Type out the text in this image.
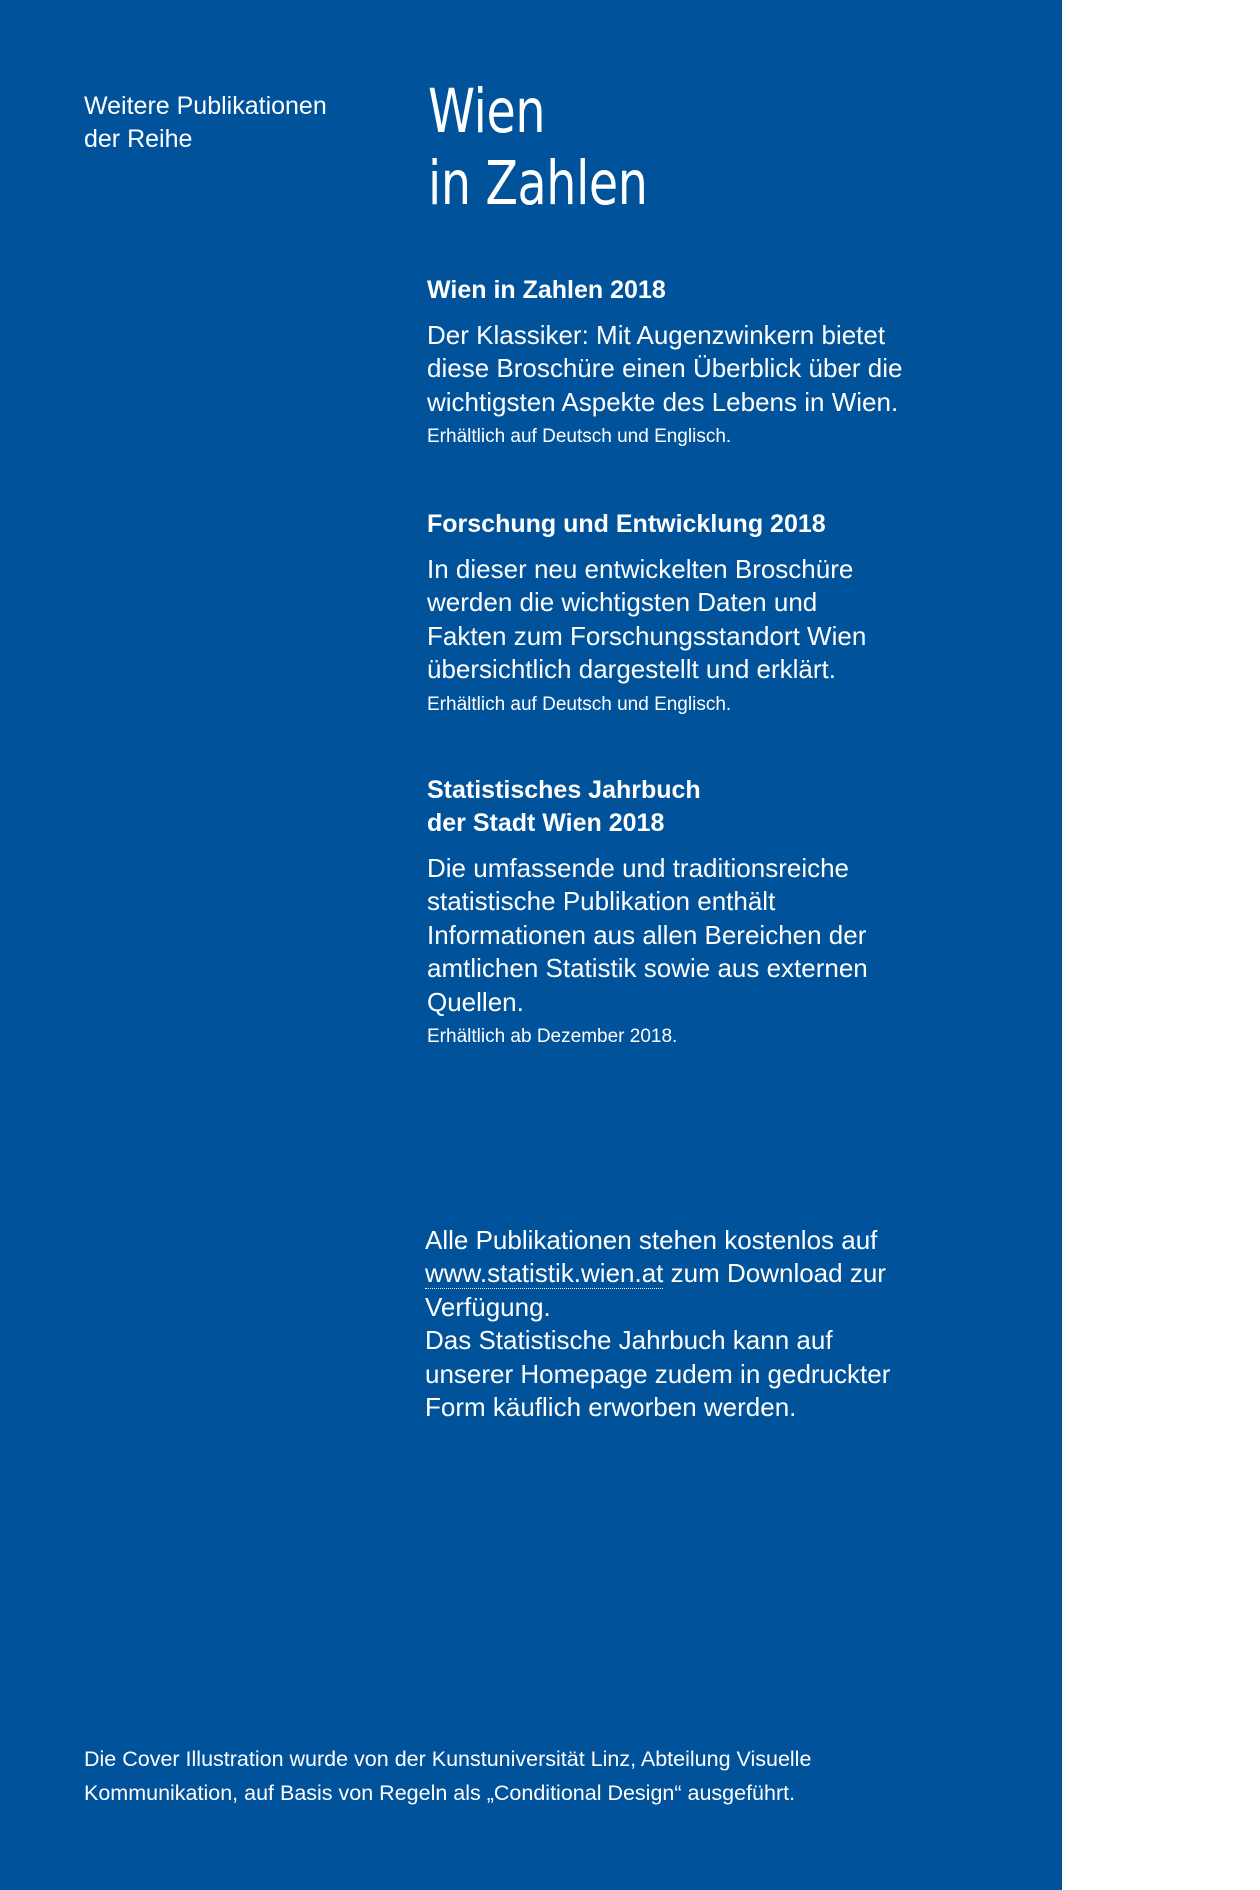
Weitere Publikationen
der Reihe	Wien
in Zahlen
Wien in Zahlen 2018
Der Klassiker: Mit Augenzwinkern bietet
diese Broschüre einen Überblick über die
wichtigsten Aspekte des Lebens in Wien.
Erhältlich auf Deutsch und Englisch.
Forschung und Entwicklung 2018
In dieser neu entwickelten Broschüre
werden die wichtigsten Daten und
Fakten zum Forschungsstandort Wien
übersichtlich dargestellt und erklärt.
Erhältlich auf Deutsch und Englisch.
Statistisches Jahrbuch
der Stadt Wien 2018
Die umfassende und traditionsreiche
statistische Publikation enthält
Informationen aus allen Bereichen der
amtlichen Statistik sowie aus externen
Quellen.
Erhältlich ab Dezember 2018.

Alle Publikationen stehen kostenlos auf

www.statistik.wien.at zum Download zur

Verfügung.

Das Statistische Jahrbuch kann auf

unserer Homepage zudem in gedruckter

Form käuflich erworben werden.

Die Cover Illustration wurde von der Kunstuniversität Linz, Abteilung Visuelle
Kommunikation, auf Basis von Regeln als „Conditional Design“ ausgeführt.
